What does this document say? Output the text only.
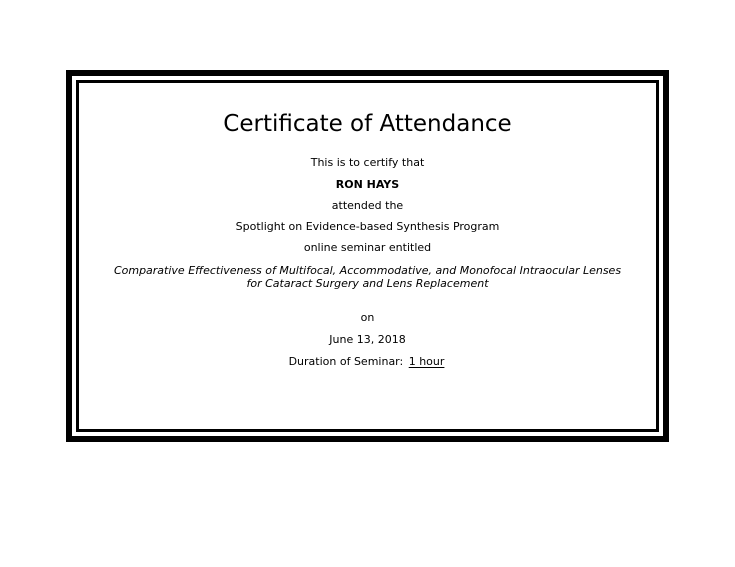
Certificate of Attendance
This is to certify that
RON HAYS
attended the
Spotlight on Evidence-based Synthesis Program
online seminar entitled
Comparative Effectiveness of Multifocal, Accommodative, and Monofocal Intraocular Lenses
for Cataract Surgery and Lens Replacement
on
June 13, 2018
Duration of Seminar: 1 hour
